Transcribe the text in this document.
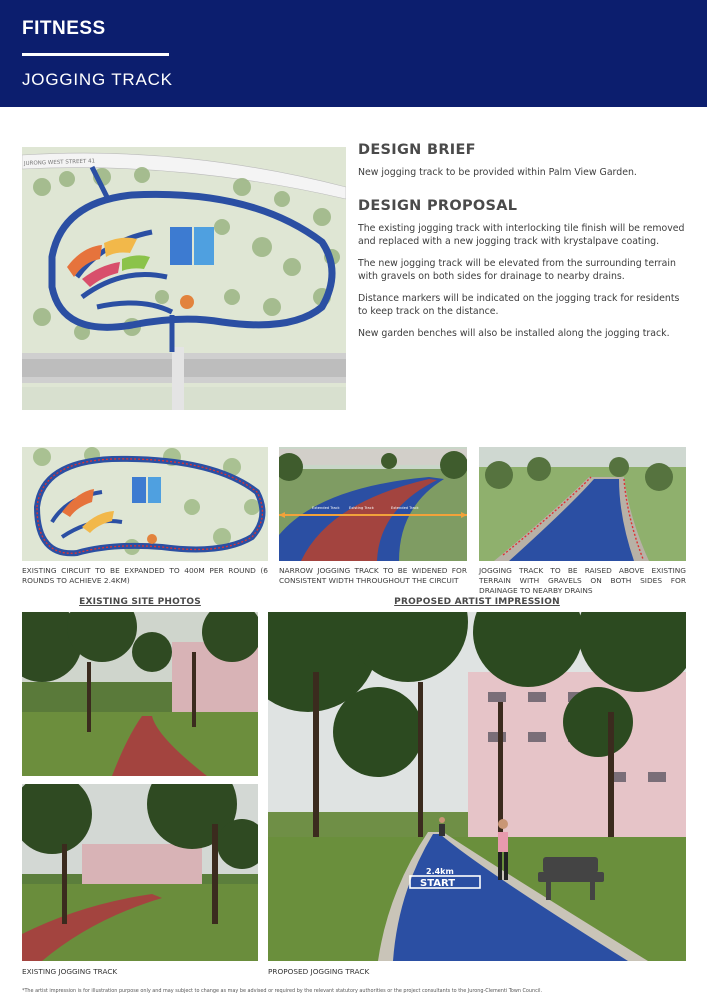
FITNESS
JOGGING TRACK
JURONG WEST STREET 41
DESIGN BRIEF
New jogging track to be provided within Palm View Garden.
DESIGN PROPOSAL
The existing jogging track with interlocking tile finish will be removed and replaced with a new jogging track with krystalpave coating.
The new jogging track will be elevated from the surrounding terrain with gravels on both sides for drainage to nearby drains.
Distance markers will be indicated on the jogging track for residents to keep track on the distance.
New garden benches will also be installed along the jogging track.
EXISTING CIRCUIT TO BE EXPANDED TO 400M PER ROUND (6 ROUNDS TO ACHIEVE 2.4KM)
Extended Track	Existing Track	Extended Track
NARROW JOGGING TRACK TO BE WIDENED FOR CONSISTENT WIDTH THROUGHOUT THE CIRCUIT
JOGGING TRACK TO BE RAISED ABOVE EXISTING TERRAIN WITH GRAVELS ON BOTH SIDES FOR DRAINAGE TO NEARBY DRAINS
EXISTING SITE PHOTOS	PROPOSED ARTIST IMPRESSION
EXISTING JOGGING TRACK
2.4km
START
PROPOSED JOGGING TRACK
*The artist impression is for illustration purpose only and may subject to change as may be advised or required by the relevant statutory authorities or the project consultants to the Jurong-Clementi Town Council.
